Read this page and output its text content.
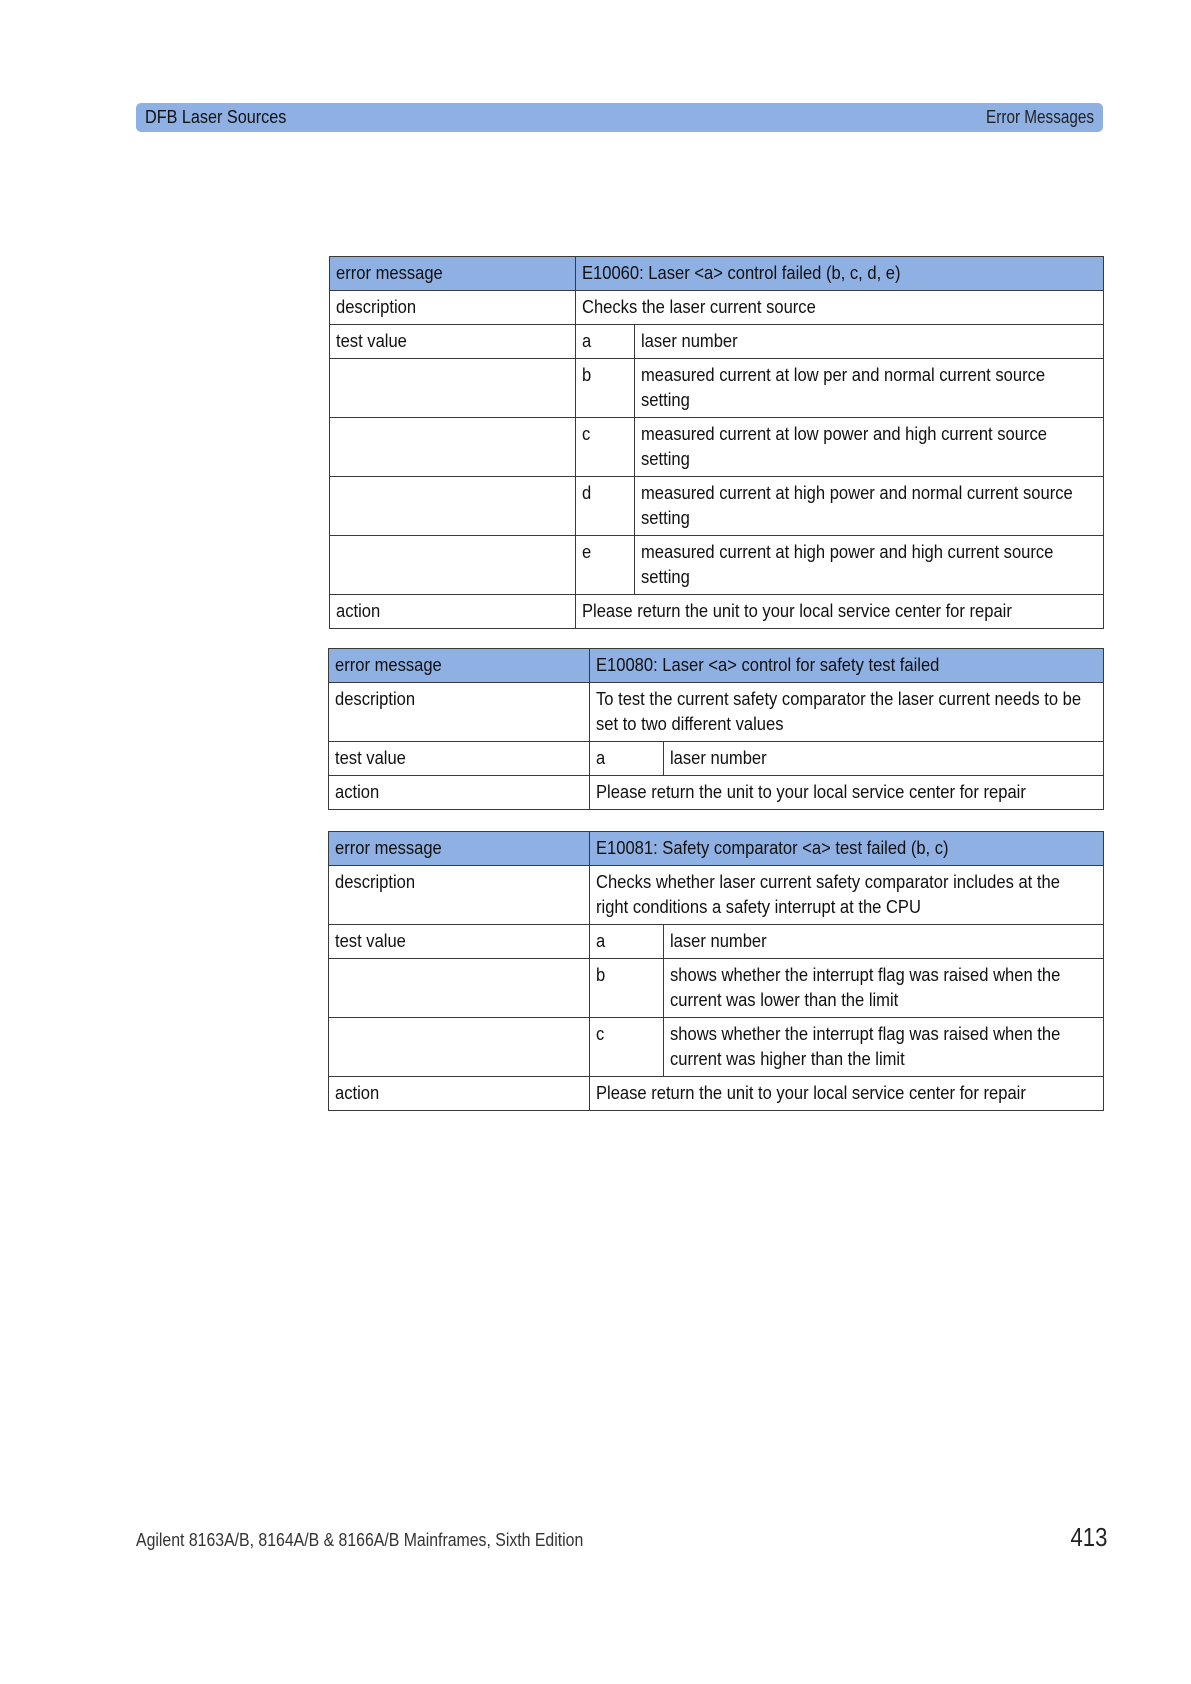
DFB Laser Sources	Error Messages
error message	E10060: Laser <a> control failed (b, c, d, e)	

description	Checks the laser current source	

test value	a	laser number

	b	measured current at low per and normal current source setting

	c	measured current at low power and high current source setting

	d	measured current at high power and normal current source setting

	e	measured current at high power and high current source setting

action	Please return the unit to your local service center for repair	
error message	E10080: Laser <a> control for safety test failed	

description	To test the current safety comparator the laser current needs to be set to two different values	

test value	a	laser number

action	Please return the unit to your local service center for repair	
error message	E10081: Safety comparator <a> test failed (b, c)	

description	Checks whether laser current safety comparator includes at the right conditions a safety interrupt at the CPU	

test value	a	laser number

	b	shows whether the interrupt flag was raised when the current was lower than the limit

	c	shows whether the interrupt flag was raised when the current was higher than the limit

action	Please return the unit to your local service center for repair	
Agilent 8163A/B, 8164A/B & 8166A/B Mainframes, Sixth Edition	413
